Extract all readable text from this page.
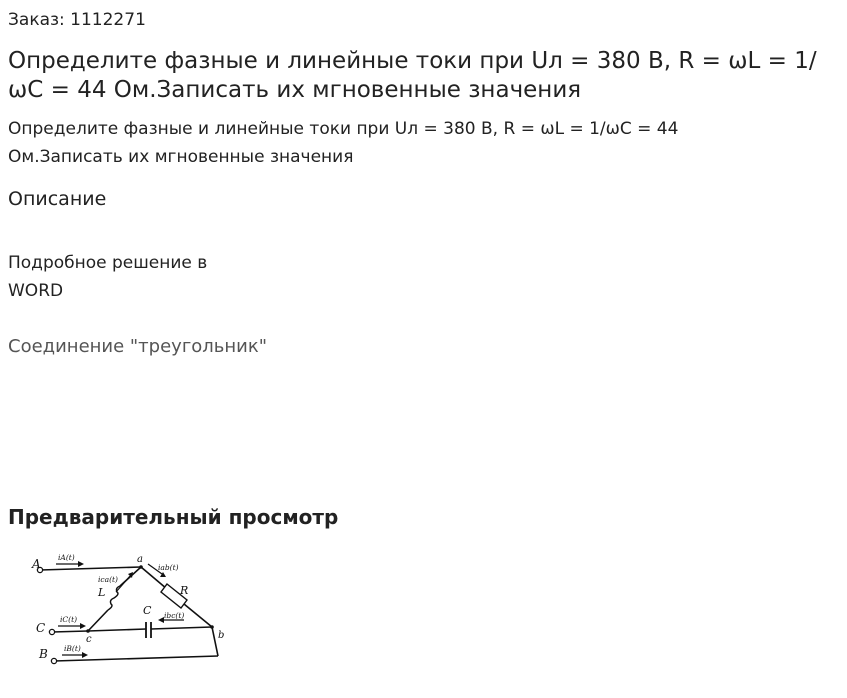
Заказ: 1112271
Определите фазные и линейные токи при Uл = 380 В, R = ωL = 1/ωC = 44 Ом.Записать их мгновенные значения

Определите фазные и линейные токи при Uл = 380 В, R = ωL = 1/ωC = 44 Ом.Записать их мгновенные значения

Описание

Подробное решение в WORD

Соединение "треугольник"

Предварительный просмотр
A
C
B
a
c	b
L	R
C
iA(t)
iC(t)
iB(t)
iab(t)
ica(t)
ibc(t)
